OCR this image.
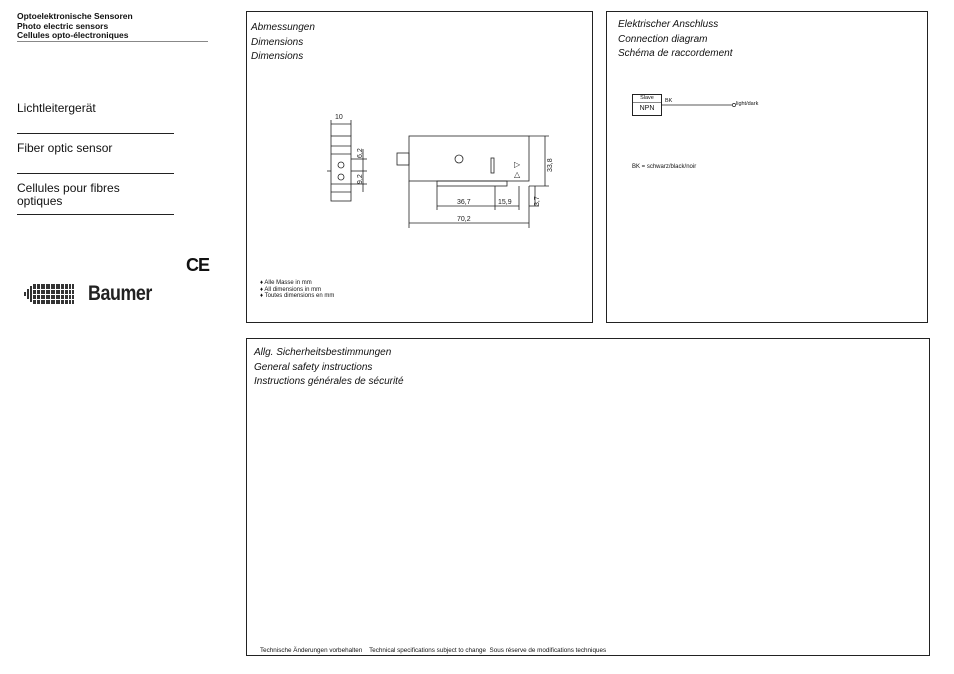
Optoelektronische Sensoren
Photo electric sensors
Cellules opto-électroniques
Lichtleitergerät
Fiber optic sensor
Cellules pour fibres optiques
CE
Baumer
Abmessungen
Dimensions
Dimensions
▷
△
10
6,2
9,2
33,8
3,7
36,7	15,9
70,2
♦ Alle Masse in mm
♦ All dimensions in mm
♦ Toutes dimensions en mm
Elektrischer Anschluss
Connection diagram
Schéma de raccordement
Slave
NPN
BK	light/dark
BK = schwarz/black/noir
Allg. Sicherheitsbestimmungen
General safety instructions
Instructions générales de sécurité
Technische Änderungen vorbehalten Technical specifications subject to change Sous réserve de modifications techniques
